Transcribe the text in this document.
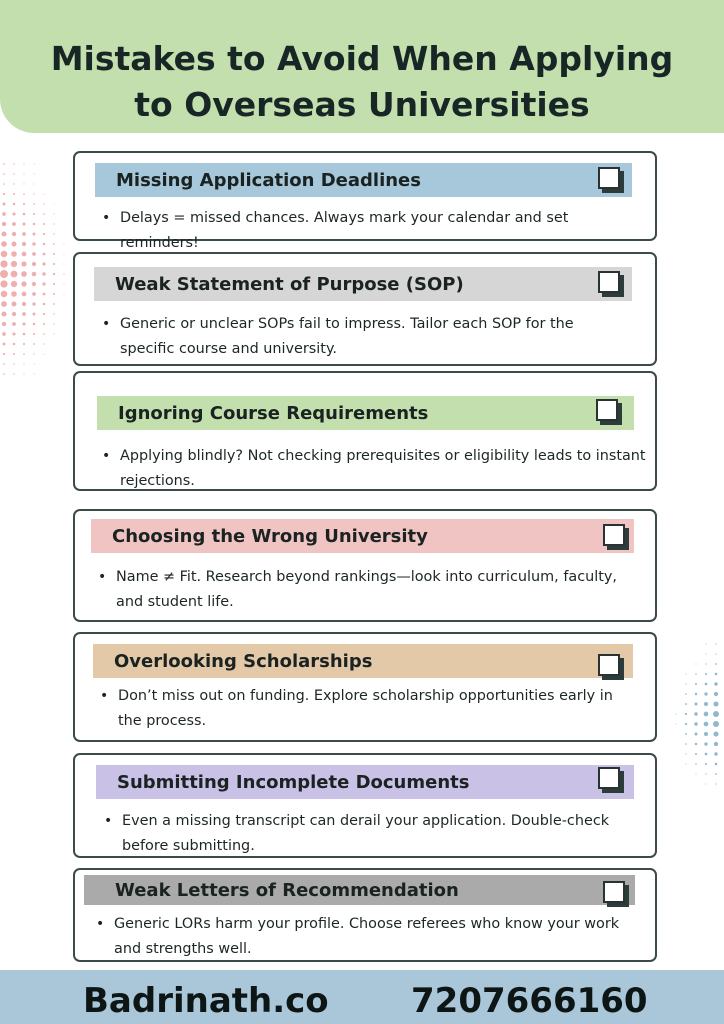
Mistakes to Avoid When Applying
to Overseas Universities
Missing Application Deadlines
• Delays = missed chances. Always mark your calendar and set reminders!
Weak Statement of Purpose (SOP)
• Generic or unclear SOPs fail to impress. Tailor each SOP for the specific course and university.
Ignoring Course Requirements
• Applying blindly? Not checking prerequisites or eligibility leads to instant rejections.
Choosing the Wrong University
• Name ≠ Fit. Research beyond rankings—look into curriculum, faculty, and student life.
Overlooking Scholarships
• Don’t miss out on funding. Explore scholarship opportunities early in the process.
Submitting Incomplete Documents
• Even a missing transcript can derail your application. Double-check before submitting.
Weak Letters of Recommendation
• Generic LORs harm your profile. Choose referees who know your work and strengths well.
Badrinath.co 7207666160
